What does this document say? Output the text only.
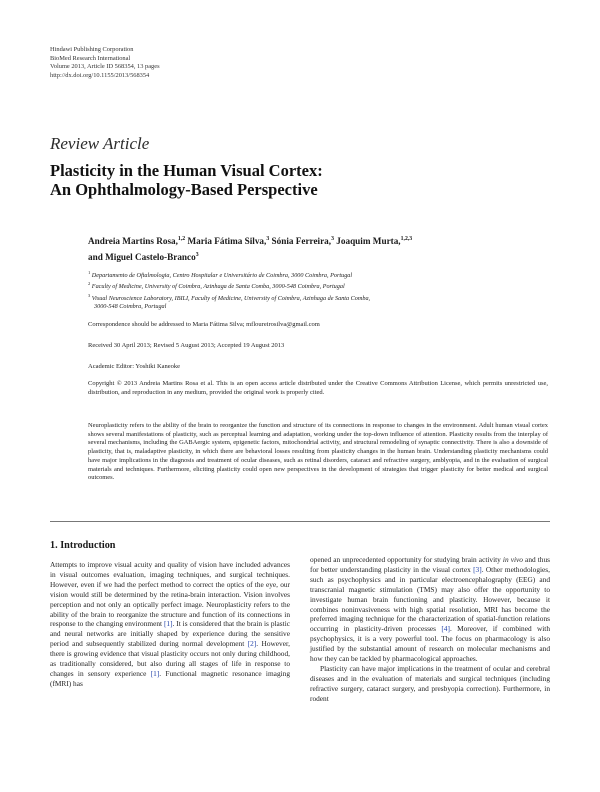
Hindawi Publishing Corporation
BioMed Research International
Volume 2013, Article ID 568354, 13 pages
http://dx.doi.org/10.1155/2013/568354
Review Article
Plasticity in the Human Visual Cortex:
An Ophthalmology-Based Perspective
Andreia Martins Rosa,$^{1,2}$ Maria Fátima Silva,$^3$ Sónia Ferreira,$^3$ Joaquim Murta,$^{1,2,3}$
and Miguel Castelo-Branco$^3$
$^1$ Departamento de Oftalmologia, Centro Hospitalar e Universitário de Coimbra, 3000 Coimbra, Portugal
$^2$ Faculty of Medicine, University of Coimbra, Azinhaga de Santa Comba, 3000-548 Coimbra, Portugal
$^3$ Visual Neuroscience Laboratory, IBILI, Faculty of Medicine, University of Coimbra, Azinhaga de Santa Comba,
3000-548 Coimbra, Portugal
Correspondence should be addressed to Maria Fátima Silva; mfloureirosilva@gmail.com
Received 30 April 2013; Revised 5 August 2013; Accepted 19 August 2013
Academic Editor: Yoshiki Kaneoke
Copyright © 2013 Andreia Martins Rosa et al. This is an open access article distributed under the Creative Commons Attribution License, which permits unrestricted use, distribution, and reproduction in any medium, provided the original work is properly cited.
Neuroplasticity refers to the ability of the brain to reorganize the function and structure of its connections in response to changes in the environment. Adult human visual cortex shows several manifestations of plasticity, such as perceptual learning and adaptation, working under the top-down influence of attention. Plasticity results from the interplay of several mechanisms, including the GABAergic system, epigenetic factors, mitochondrial activity, and structural remodeling of synaptic connectivity. There is also a downside of plasticity, that is, maladaptive plasticity, in which there are behavioral losses resulting from plasticity changes in the human brain. Understanding plasticity mechanisms could have major implications in the diagnosis and treatment of ocular diseases, such as retinal disorders, cataract and refractive surgery, amblyopia, and in the evaluation of surgical materials and techniques. Furthermore, eliciting plasticity could open new perspectives in the development of strategies that trigger plasticity for better medical and surgical outcomes.
1. Introduction

Attempts to improve visual acuity and quality of vision have included advances in visual outcomes evaluation, imaging techniques, and surgical techniques. However, even if we had the perfect method to correct the optics of the eye, our vision would still be determined by the retina-brain interaction. Vision involves perception and not only an optically perfect image. Neuroplasticity refers to the ability of the brain to reorganize the structure and function of its connections in response to the changing environment [1]. It is considered that the brain is plastic and neural networks are initially shaped by experience during the sensitive period and subsequently stabilized during normal development [2]. However, there is growing evidence that visual plasticity occurs not only during childhood, as traditionally considered, but also during all stages of life in response to changes in sensory experience [1]. Functional magnetic resonance imaging (fMRI) has

opened an unprecedented opportunity for studying brain activity in vivo and thus for better understanding plasticity in the visual cortex [3]. Other methodologies, such as psychophysics and in particular electroencephalography (EEG) and transcranial magnetic stimulation (TMS) may also offer the opportunity to investigate human brain functioning and plasticity. However, because it combines noninvasiveness with high spatial resolution, MRI has become the preferred imaging technique for the characterization of spatial-function relations occurring in plasticity-driven processes [4]. Moreover, if combined with psychophysics, it is a very powerful tool. The focus on pharmacology is also justified by the substantial amount of research on molecular mechanisms and how they can be tackled by pharmacological approaches.

Plasticity can have major implications in the treatment of ocular and cerebral diseases and in the evaluation of materials and surgical techniques (including refractive surgery, cataract surgery, and presbyopia correction). Furthermore, in rodent
